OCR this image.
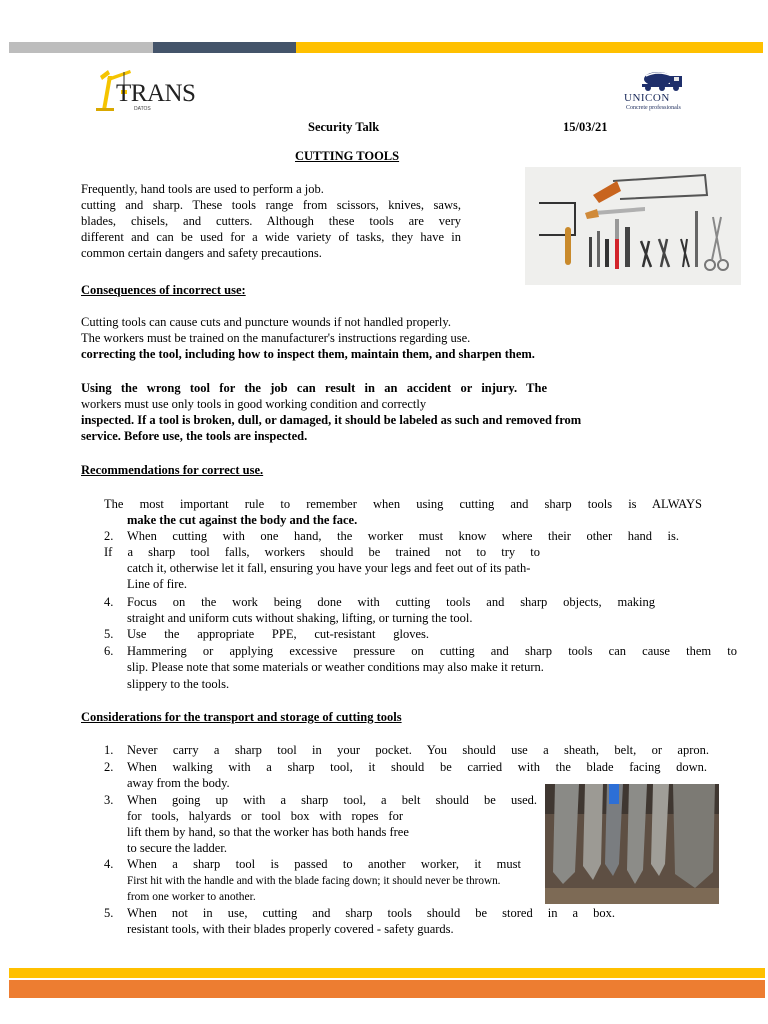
TRANS
DATOS
UNICON
Concrete professionals
Security Talk	15/03/21
CUTTING TOOLS
Frequently, hand tools are used to perform a job.
cutting and sharp. These tools range from scissors, knives, saws,
blades, chisels, and cutters. Although these tools are very
different and can be used for a wide variety of tasks, they have in
common certain dangers and safety precautions.
Consequences of incorrect use:
Cutting tools can cause cuts and puncture wounds if not handled properly.
The workers must be trained on the manufacturer's instructions regarding use.
correcting the tool, including how to inspect them, maintain them, and sharpen them.
Using the wrong tool for the job can result in an accident or injury. The
workers must use only tools in good working condition and correctly
inspected. If a tool is broken, dull, or damaged, it should be labeled as such and removed from
service. Before use, the tools are inspected.
Recommendations for correct use.
The most important rule to remember when using cutting and sharp tools is ALWAYS
make the cut against the body and the face.
2. When cutting with one hand, the worker must know where their other hand is.
If a sharp tool falls, workers should be trained not to try to
catch it, otherwise let it fall, ensuring you have your legs and feet out of its path-
Line of fire.
4. Focus on the work being done with cutting tools and sharp objects, making
straight and uniform cuts without shaking, lifting, or turning the tool.
5. Use the appropriate PPE, cut-resistant gloves.
6. Hammering or applying excessive pressure on cutting and sharp tools can cause them to
slip. Please note that some materials or weather conditions may also make it return.
slippery to the tools.
Considerations for the transport and storage of cutting tools
1. Never carry a sharp tool in your pocket. You should use a sheath, belt, or apron.
2. When walking with a sharp tool, it should be carried with the blade facing down.
away from the body.
3. When going up with a sharp tool, a belt should be used.
for tools, halyards or tool box with ropes for
lift them by hand, so that the worker has both hands free
to secure the ladder.
4. When a sharp tool is passed to another worker, it must
First hit with the handle and with the blade facing down; it should never be thrown.
from one worker to another.
5. When not in use, cutting and sharp tools should be stored in a box.
resistant tools, with their blades properly covered - safety guards.
